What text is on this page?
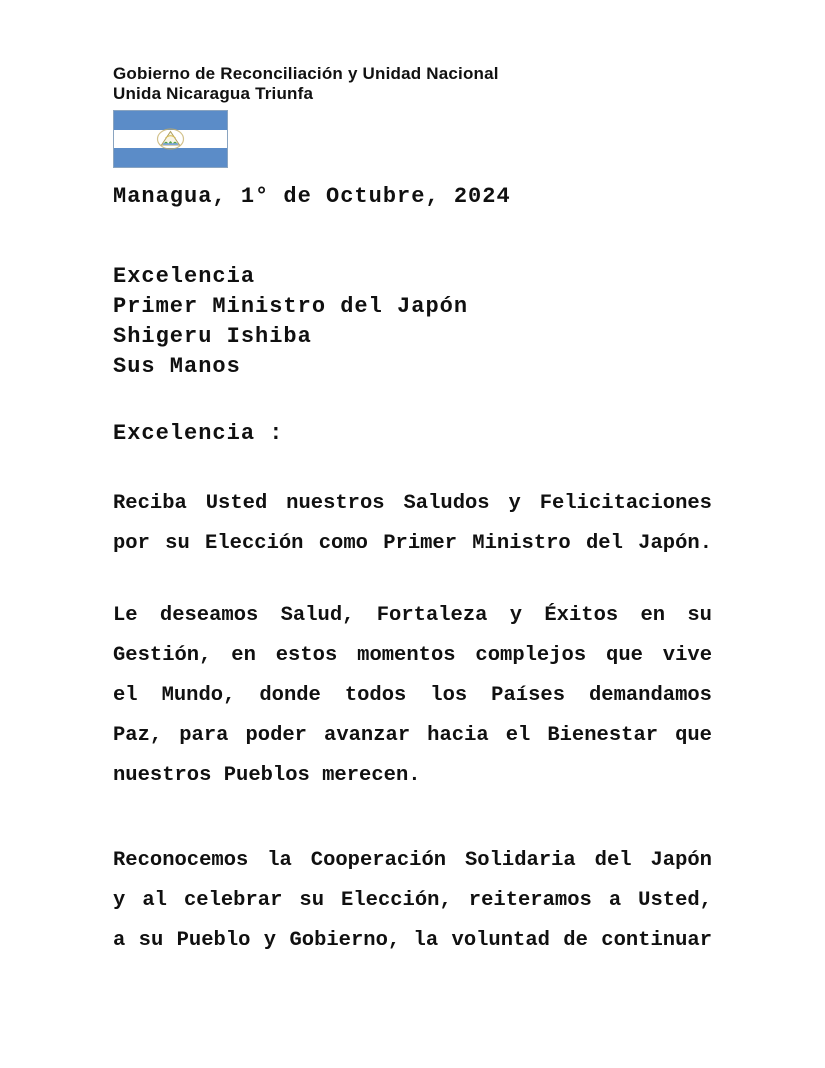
Gobierno de Reconciliación y Unidad Nacional
Unida Nicaragua Triunfa
Managua, 1° de Octubre, 2024
Excelencia
Primer Ministro del Japón
Shigeru Ishiba
Sus Manos
Excelencia :
Reciba Usted nuestros Saludos y Felicitaciones
por su Elección como Primer Ministro del Japón.
Le deseamos Salud, Fortaleza y Éxitos en su
Gestión, en estos momentos complejos que vive
el Mundo, donde todos los Países demandamos
Paz, para poder avanzar hacia el Bienestar que
nuestros Pueblos merecen.
Reconocemos la Cooperación Solidaria del Japón
y al celebrar su Elección, reiteramos a Usted,
a su Pueblo y Gobierno, la voluntad de continuar
